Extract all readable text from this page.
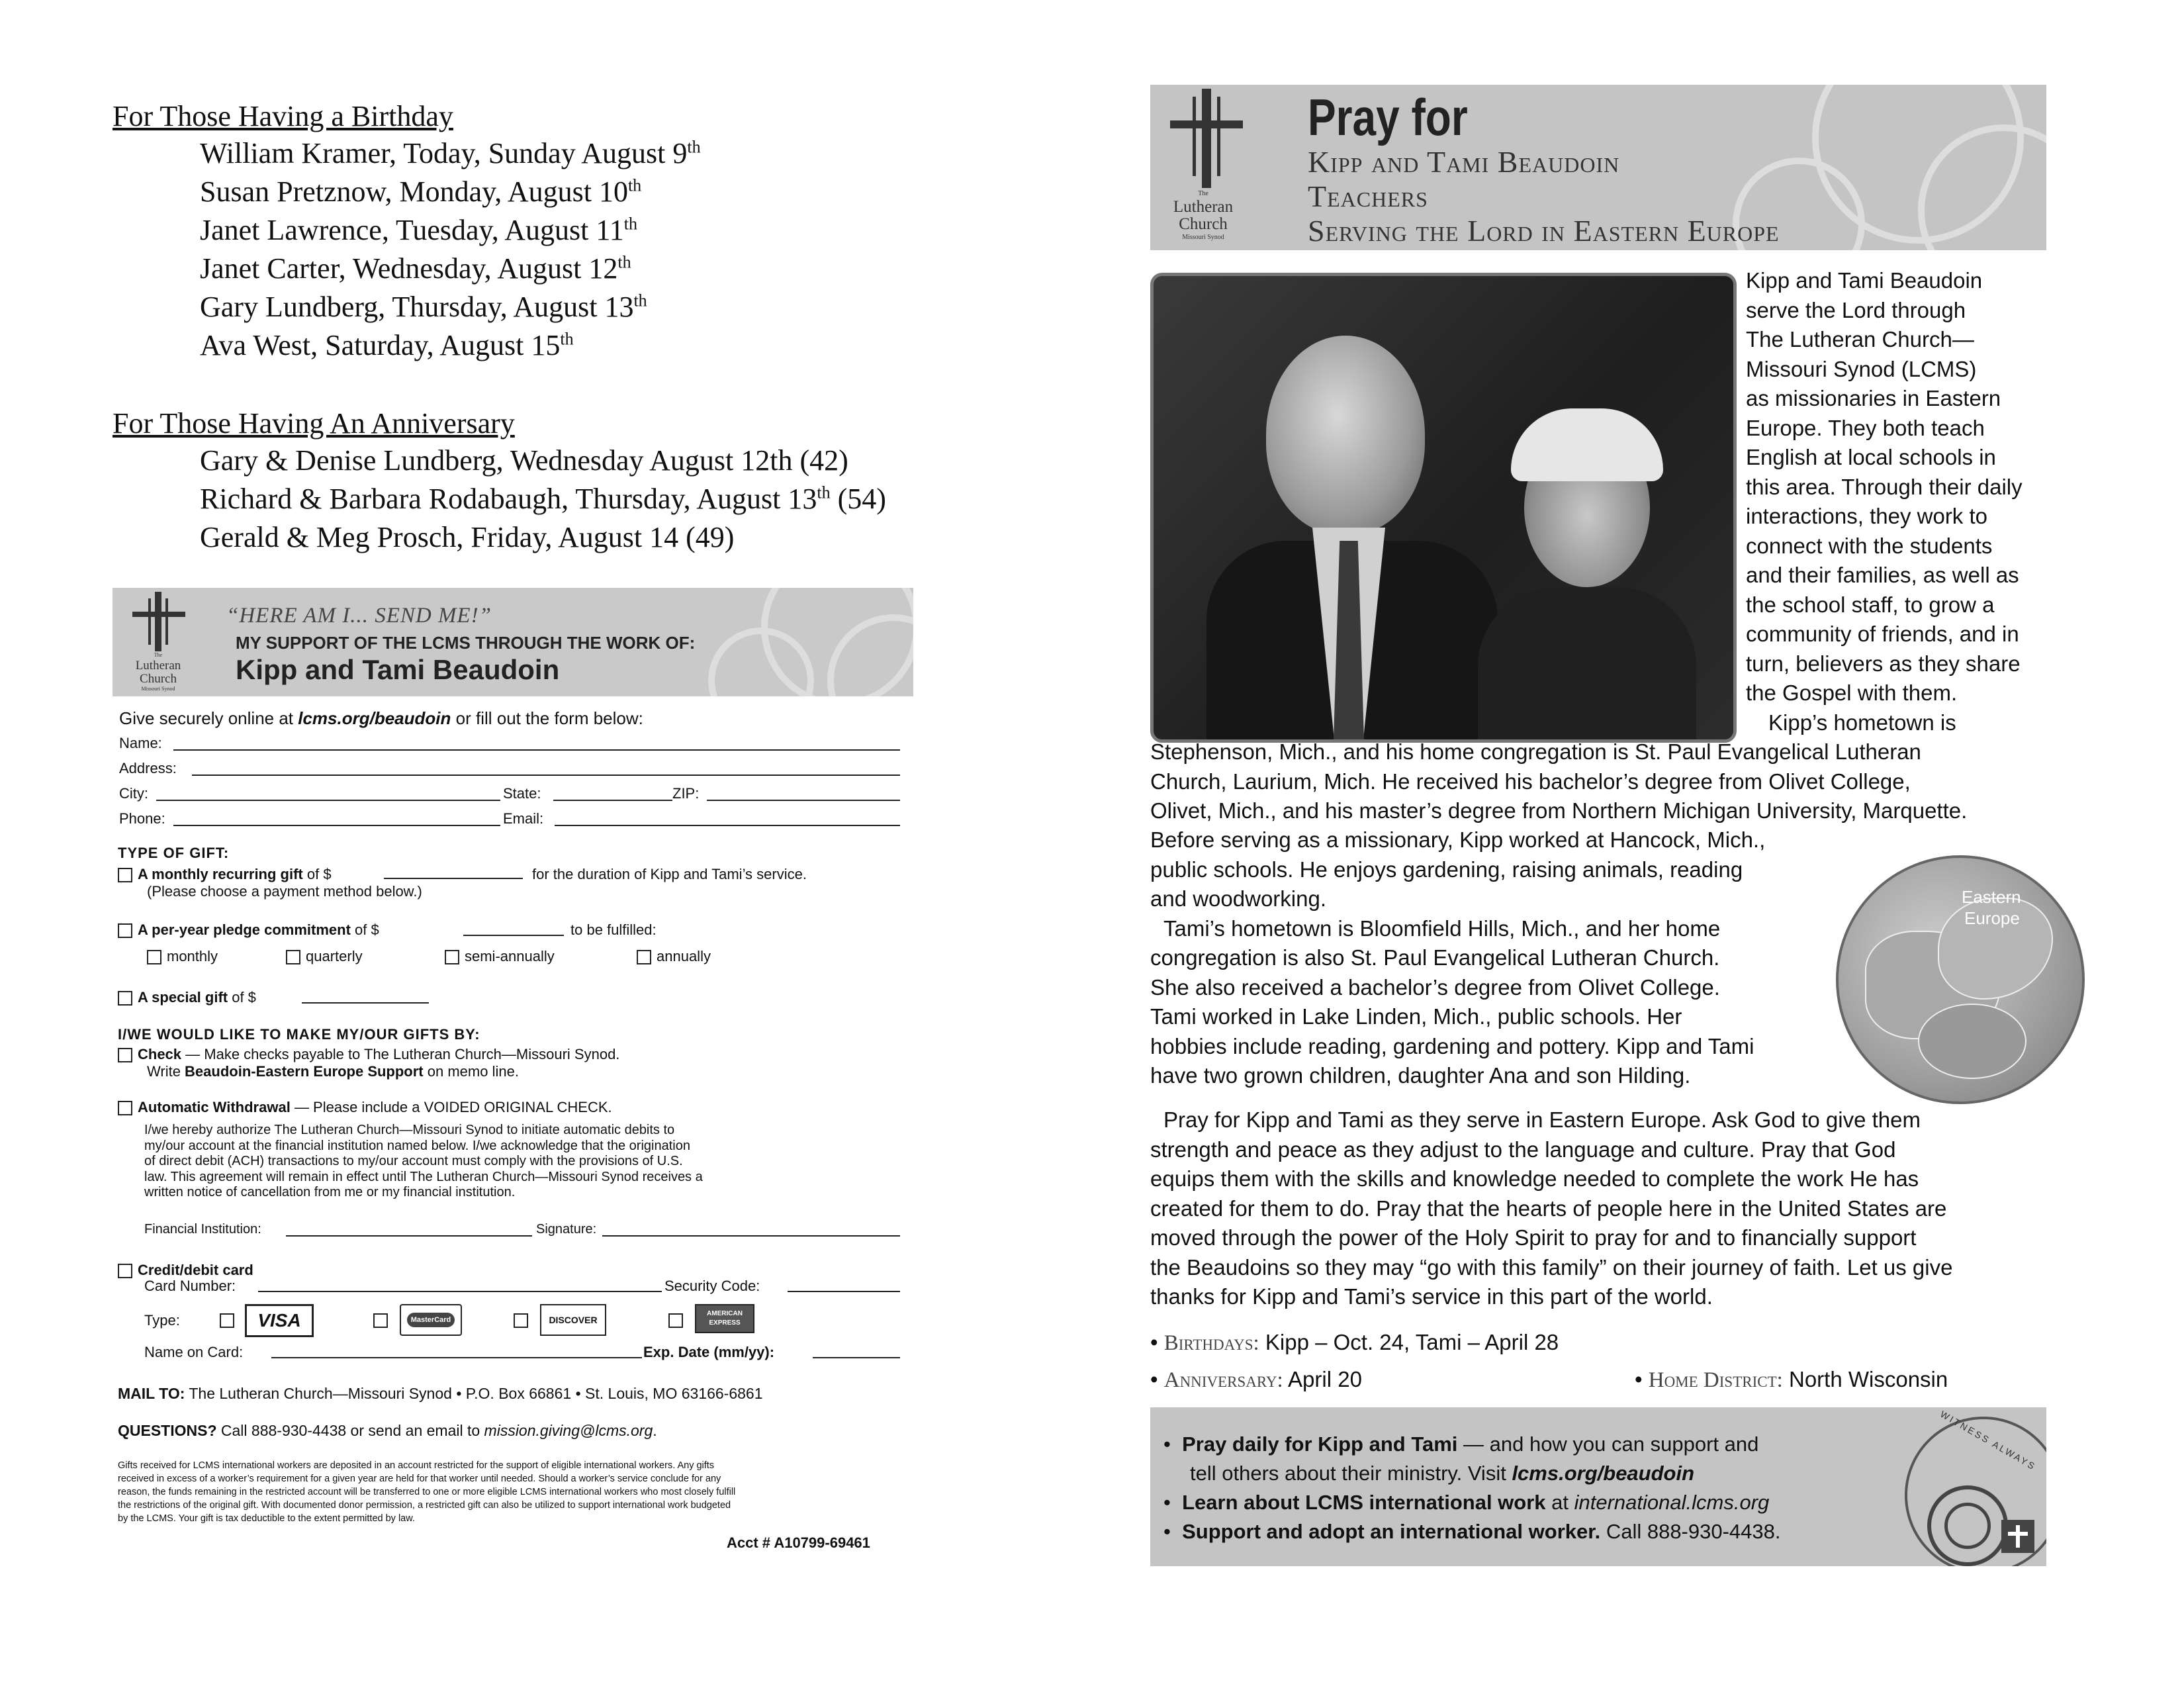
For Those Having a Birthday
William Kramer, Today, Sunday August 9th
Susan Pretznow, Monday, August 10th
Janet Lawrence, Tuesday, August 11th
Janet Carter, Wednesday, August 12th
Gary Lundberg, Thursday, August 13th
Ava West, Saturday, August 15th
For Those Having An Anniversary
Gary & Denise Lundberg, Wednesday August 12th (42)
Richard & Barbara Rodabaugh, Thursday, August 13th (54)
Gerald & Meg Prosch, Friday, August 14 (49)
The
Lutheran
Church
Missouri Synod
“HERE AM I... SEND ME!”
MY SUPPORT OF THE LCMS THROUGH THE WORK OF:
Kipp and Tami Beaudoin
Give securely online at lcms.org/beaudoin or fill out the form below:
Name:
Address:
City:	State:	ZIP:
Phone:	Email:
TYPE OF GIFT:
A monthly recurring gift of $	for the duration of Kipp and Tami’s service.
(Please choose a payment method below.)
A per-year pledge commitment of $	to be fulfilled:
monthly	quarterly	semi-annually	annually
A special gift of $
I/WE WOULD LIKE TO MAKE MY/OUR GIFTS BY:
Check — Make checks payable to The Lutheran Church—Missouri Synod.
Write Beaudoin-Eastern Europe Support on memo line.
Automatic Withdrawal — Please include a VOIDED ORIGINAL CHECK.
I/we hereby authorize The Lutheran Church—Missouri Synod to initiate automatic debits to
my/our account at the financial institution named below. I/we acknowledge that the origination
of direct debit (ACH) transactions to my/our account must comply with the provisions of U.S.
law. This agreement will remain in effect until The Lutheran Church—Missouri Synod receives a
written notice of cancellation from me or my financial institution.
Financial Institution:	Signature:
Credit/debit card
Card Number:	Security Code:
Type:	VISA	MasterCard	DISCOVER
AMERICAN EXPRESS
Name on Card:	Exp. Date (mm/yy):
MAIL TO: The Lutheran Church—Missouri Synod • P.O. Box 66861 • St. Louis, MO 63166-6861
QUESTIONS? Call 888-930-4438 or send an email to mission.giving@lcms.org.
Gifts received for LCMS international workers are deposited in an account restricted for the support of eligible international workers. Any gifts
received in excess of a worker’s requirement for a given year are held for that worker until needed. Should a worker’s service conclude for any
reason, the funds remaining in the restricted account will be transferred to one or more eligible LCMS international workers who most closely fulfill
the restrictions of the original gift. With documented donor permission, a restricted gift can also be utilized to support international work budgeted
by the LCMS. Your gift is tax deductible to the extent permitted by law.
Acct # A10799-69461
The
Lutheran
Church
Missouri Synod
Pray for
Kipp and Tami Beaudoin
Teachers
Serving the Lord in Eastern Europe
Kipp and Tami Beaudoin
serve the Lord through
The Lutheran Church—
Missouri Synod (LCMS)
as missionaries in Eastern
Europe. They both teach
English at local schools in
this area. Through their daily
interactions, they work to
connect with the students
and their families, as well as
the school staff, to grow a
community of friends, and in
turn, believers as they share
the Gospel with them.
Kipp’s hometown is
Stephenson, Mich., and his home congregation is St. Paul Evangelical Lutheran
Church, Laurium, Mich. He received his bachelor’s degree from Olivet College,
Olivet, Mich., and his master’s degree from Northern Michigan University, Marquette.
Eastern
Europe
Before serving as a missionary, Kipp worked at Hancock, Mich.,
public schools. He enjoys gardening, raising animals, reading
and woodworking.
Tami’s hometown is Bloomfield Hills, Mich., and her home
congregation is also St. Paul Evangelical Lutheran Church.
She also received a bachelor’s degree from Olivet College.
Tami worked in Lake Linden, Mich., public schools. Her
hobbies include reading, gardening and pottery. Kipp and Tami
have two grown children, daughter Ana and son Hilding.
Pray for Kipp and Tami as they serve in Eastern Europe. Ask God to give them
strength and peace as they adjust to the language and culture. Pray that God
equips them with the skills and knowledge needed to complete the work He has
created for them to do. Pray that the hearts of people here in the United States are
moved through the power of the Holy Spirit to pray for and to financially support
the Beaudoins so they may “go with this family” on their journey of faith. Let us give
thanks for Kipp and Tami’s service in this part of the world.
• Birthdays: Kipp – Oct. 24, Tami – April 28
• Anniversary: April 20	• Home District: North Wisconsin
•  Pray daily for Kipp and Tami — and how you can support and
tell others about their ministry. Visit lcms.org/beaudoin
•  Learn about LCMS international work at international.lcms.org
•  Support and adopt an international worker. Call 888-930-4438.
WITNESS ALWAYS
